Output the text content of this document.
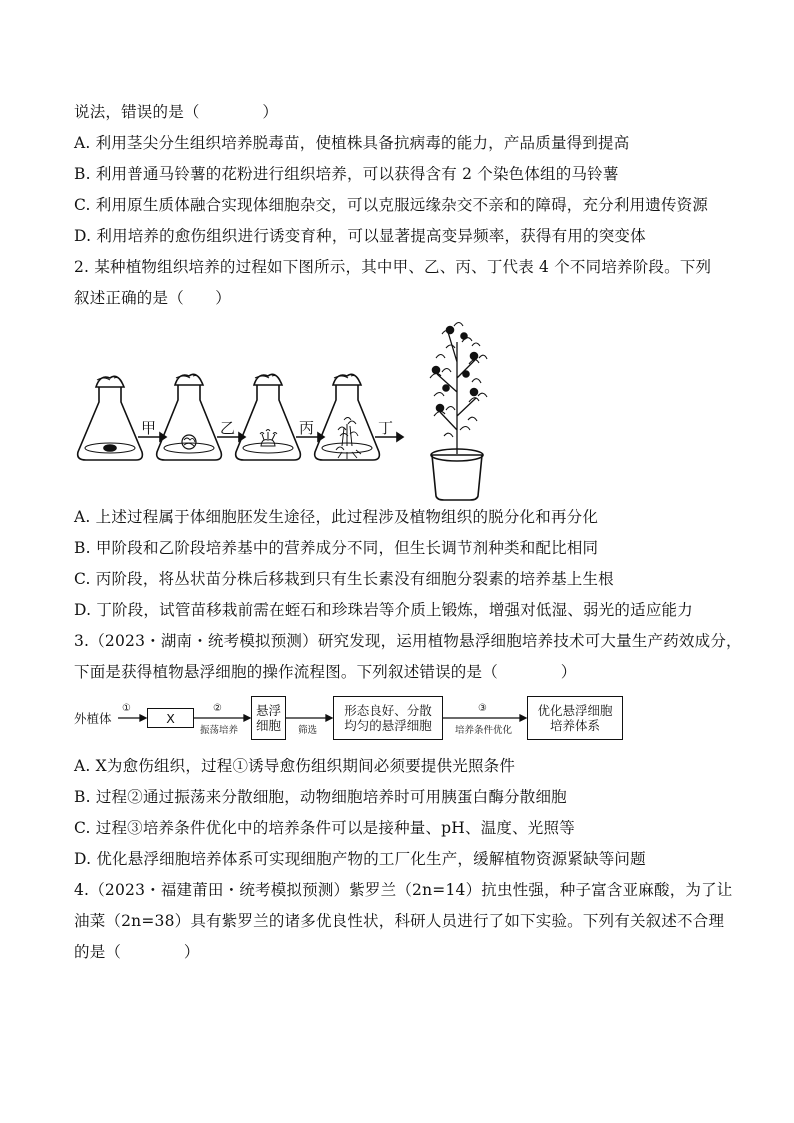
说法，错误的是（　　　　）
A. 利用茎尖分生组织培养脱毒苗，使植株具备抗病毒的能力，产品质量得到提高
B. 利用普通马铃薯的花粉进行组织培养，可以获得含有 2 个染色体组的马铃薯
C. 利用原生质体融合实现体细胞杂交，可以克服远缘杂交不亲和的障碍，充分利用遗传资源
D. 利用培养的愈伤组织进行诱变育种，可以显著提高变异频率，获得有用的突变体
2. 某种植物组织培养的过程如下图所示，其中甲、乙、丙、丁代表 4 个不同培养阶段。下列
叙述正确的是（　　）
甲	乙	丙	丁
A. 上述过程属于体细胞胚发生途径，此过程涉及植物组织的脱分化和再分化
B. 甲阶段和乙阶段培养基中的营养成分不同，但生长调节剂种类和配比相同
C. 丙阶段，将丛状苗分株后移栽到只有生长素没有细胞分裂素的培养基上生根
D. 丁阶段，试管苗移栽前需在蛭石和珍珠岩等介质上锻炼，增强对低湿、弱光的适应能力
3.（2023・湖南・统考模拟预测）研究发现，运用植物悬浮细胞培养技术可大量生产药效成分，
下面是获得植物悬浮细胞的操作流程图。下列叙述错误的是（　　　　）
外植体
①
X
②
振荡培养
悬浮
细胞 筛选
形态良好、分散
均匀的悬浮细胞
③
培养条件优化
优化悬浮细胞
培养体系
A. X为愈伤组织，过程①诱导愈伤组织期间必须要提供光照条件
B. 过程②通过振荡来分散细胞，动物细胞培养时可用胰蛋白酶分散细胞
C. 过程③培养条件优化中的培养条件可以是接种量、pH、温度、光照等
D. 优化悬浮细胞培养体系可实现细胞产物的工厂化生产，缓解植物资源紧缺等问题
4.（2023・福建莆田・统考模拟预测）紫罗兰（2n=14）抗虫性强，种子富含亚麻酸，为了让
油菜（2n=38）具有紫罗兰的诸多优良性状，科研人员进行了如下实验。下列有关叙述不合理
的是（　　　　）
